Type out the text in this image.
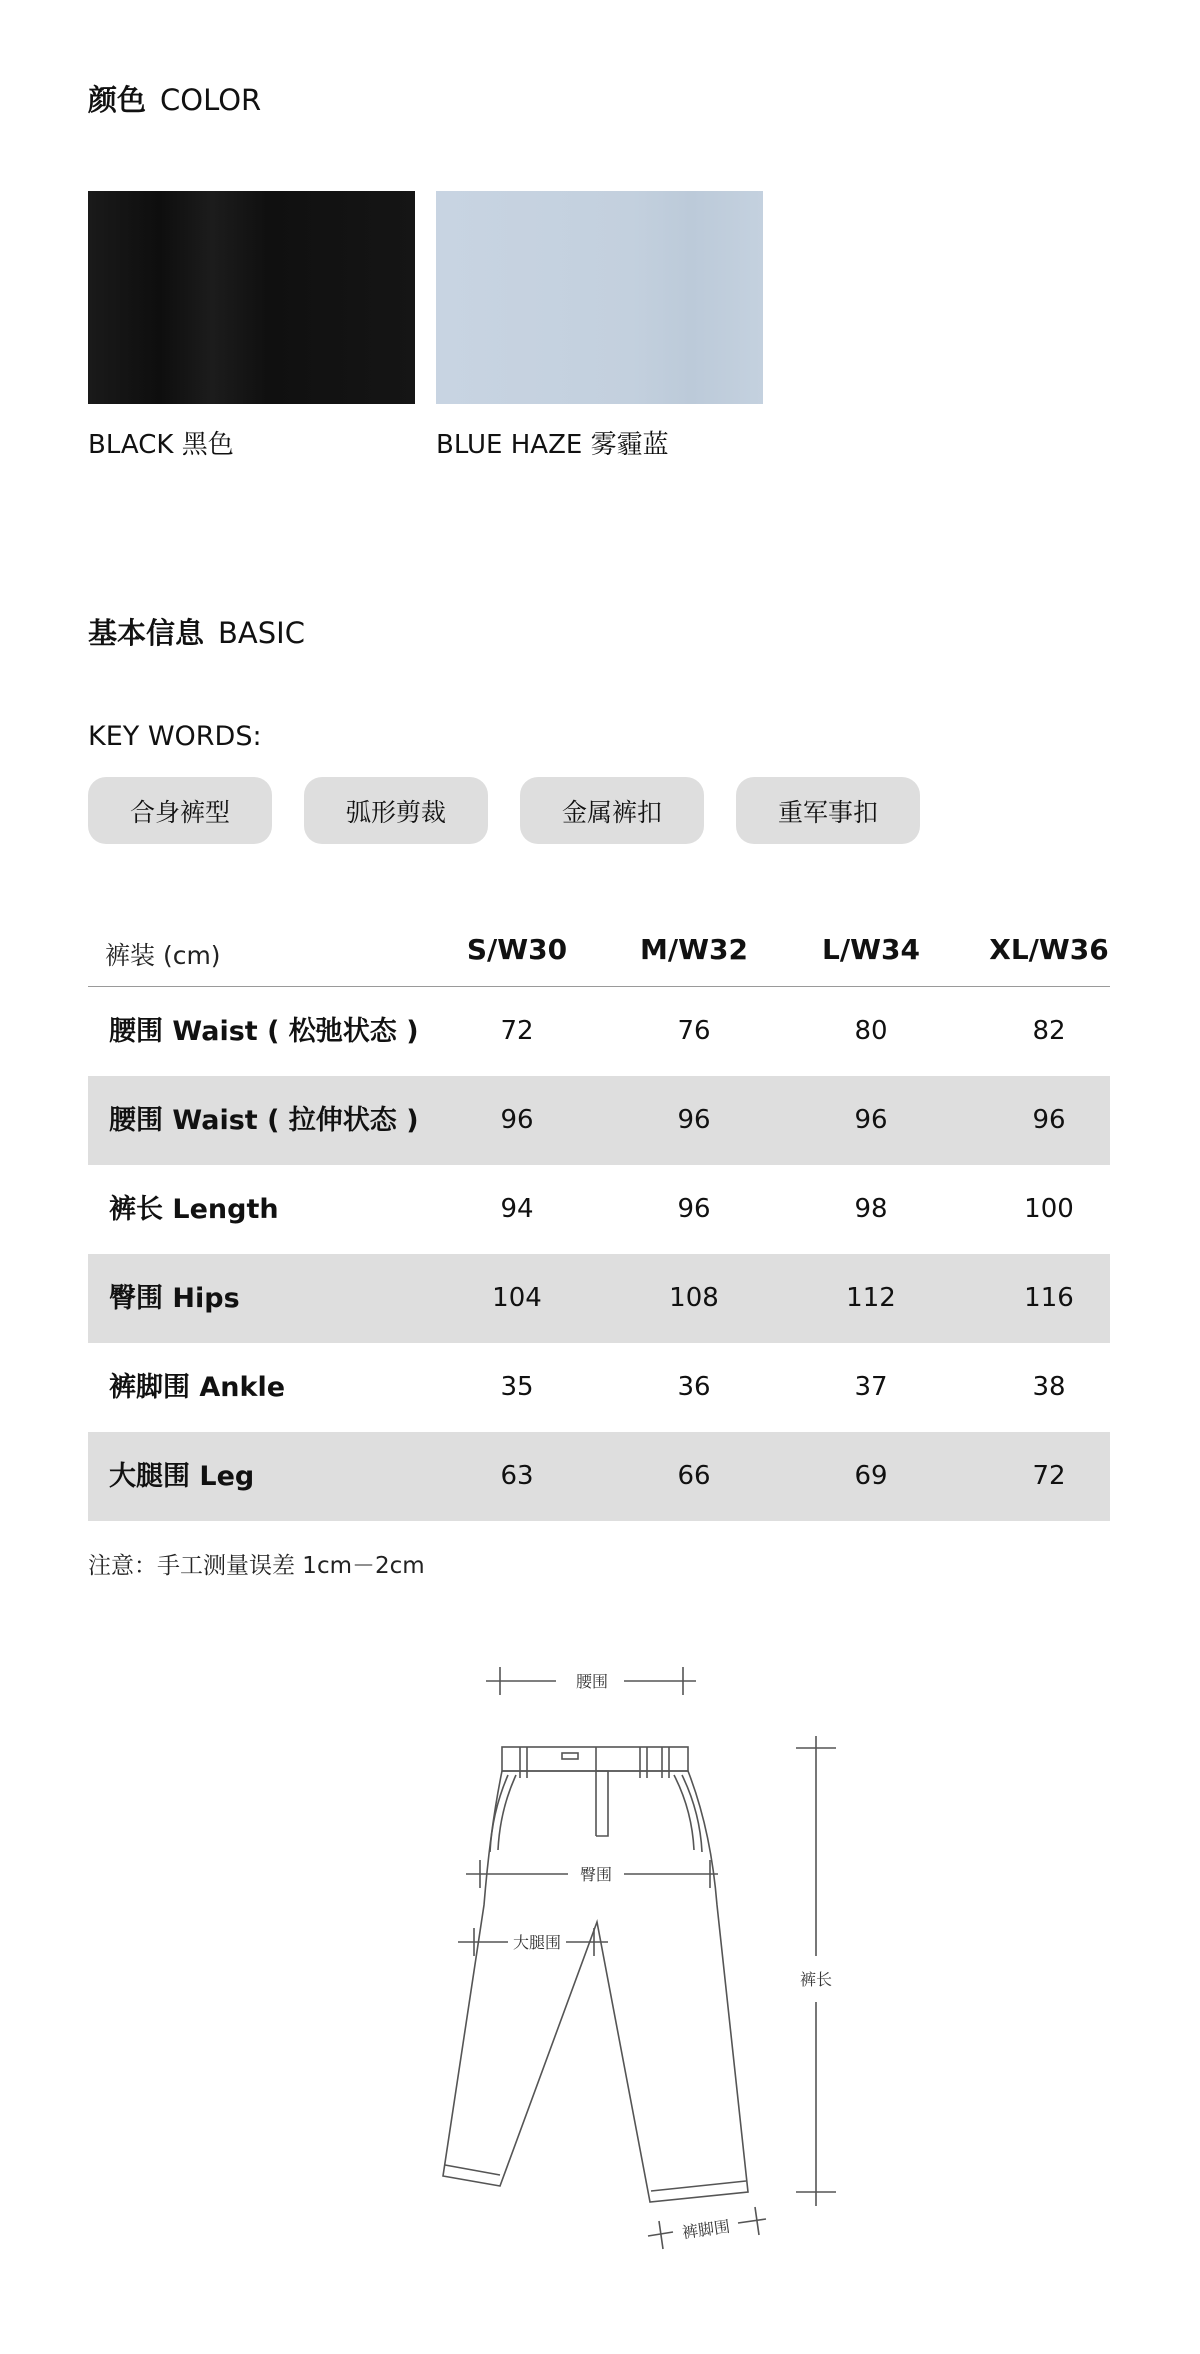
颜色 COLOR
BLACK 黑色	BLUE HAZE 雾霾蓝
基本信息 BASIC
KEY WORDS:
合身裤型	弧形剪裁	金属裤扣	重军事扣
裤装 (cm)	S/W30	M/W32	L/W34	XL/W36
腰围 Waist ( 松弛状态 )	72	76	80	82
腰围 Waist ( 拉伸状态 )	96	96	96	96
裤长 Length	94	96	98	100
臀围 Hips	104	108	112	116
裤脚围 Ankle	35	36	37	38
大腿围 Leg	63	66	69	72
注意：手工测量误差 1cm－2cm
腰围
臀围
大腿围
裤长
裤脚围
